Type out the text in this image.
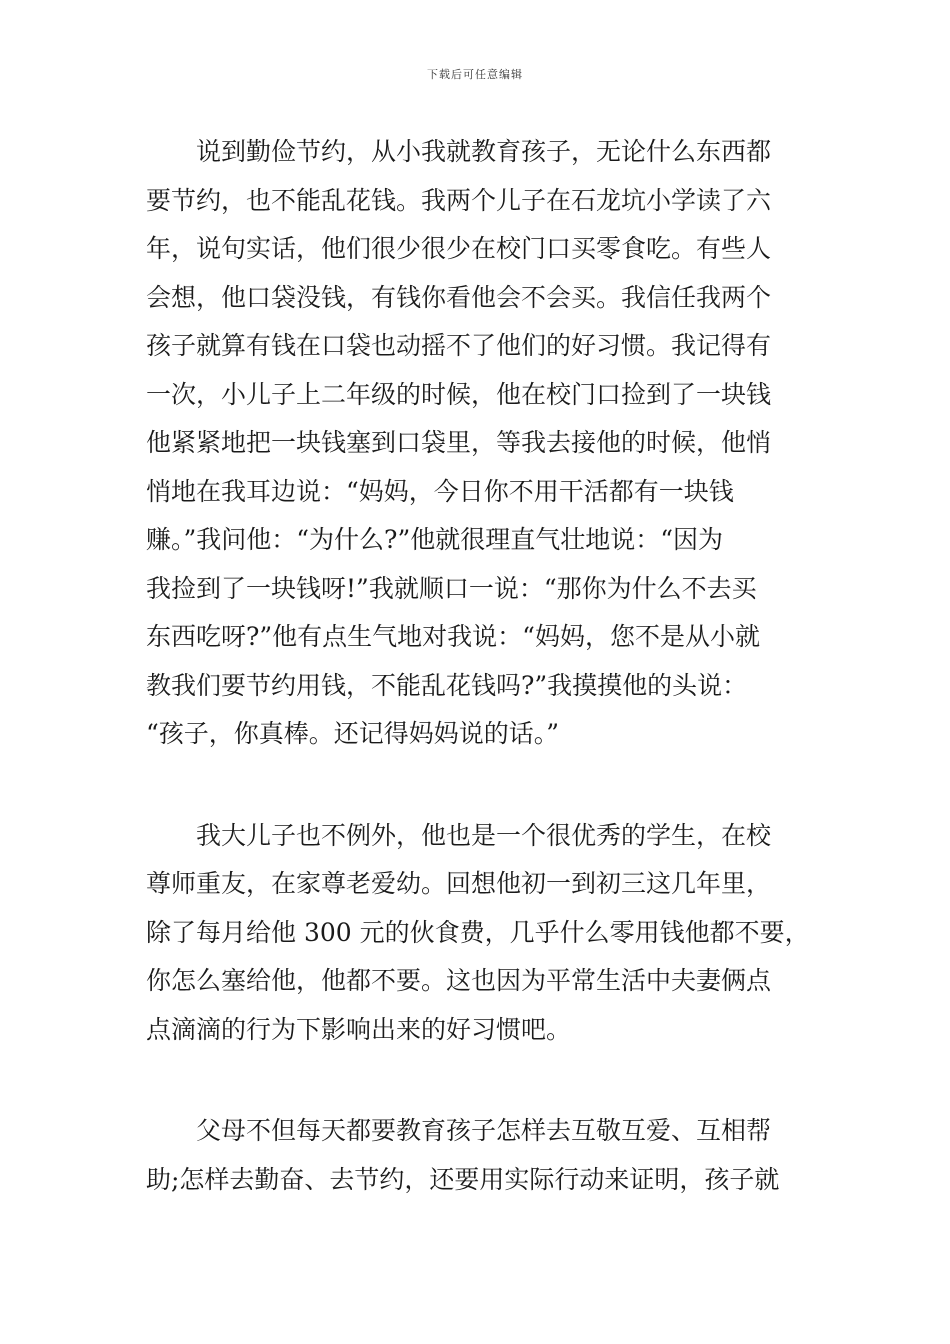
下载后可任意编辑

　　说到勤俭节约，从小我就教育孩子，无论什么东西都
要节约，也不能乱花钱。我两个儿子在石龙坑小学读了六
年，说句实话，他们很少很少在校门口买零食吃。有些人
会想，他口袋没钱，有钱你看他会不会买。我信任我两个
孩子就算有钱在口袋也动摇不了他们的好习惯。我记得有
一次，小儿子上二年级的时候，他在校门口捡到了一块钱
他紧紧地把一块钱塞到口袋里，等我去接他的时候，他悄
悄地在我耳边说：“妈妈，今日你不用干活都有一块钱
赚。”我问他：“为什么?”他就很理直气壮地说：“因为
我捡到了一块钱呀!”我就顺口一说：“那你为什么不去买
东西吃呀?”他有点生气地对我说：“妈妈，您不是从小就
教我们要节约用钱，不能乱花钱吗?”我摸摸他的头说：
“孩子，你真棒。还记得妈妈说的话。”

　　我大儿子也不例外，他也是一个很优秀的学生，在校
尊师重友，在家尊老爱幼。回想他初一到初三这几年里，
除了每月给他 300 元的伙食费，几乎什么零用钱他都不要，
你怎么塞给他，他都不要。这也因为平常生活中夫妻俩点
点滴滴的行为下影响出来的好习惯吧。

　　父母不但每天都要教育孩子怎样去互敬互爱、互相帮
助;怎样去勤奋、去节约，还要用实际行动来证明，孩子就
